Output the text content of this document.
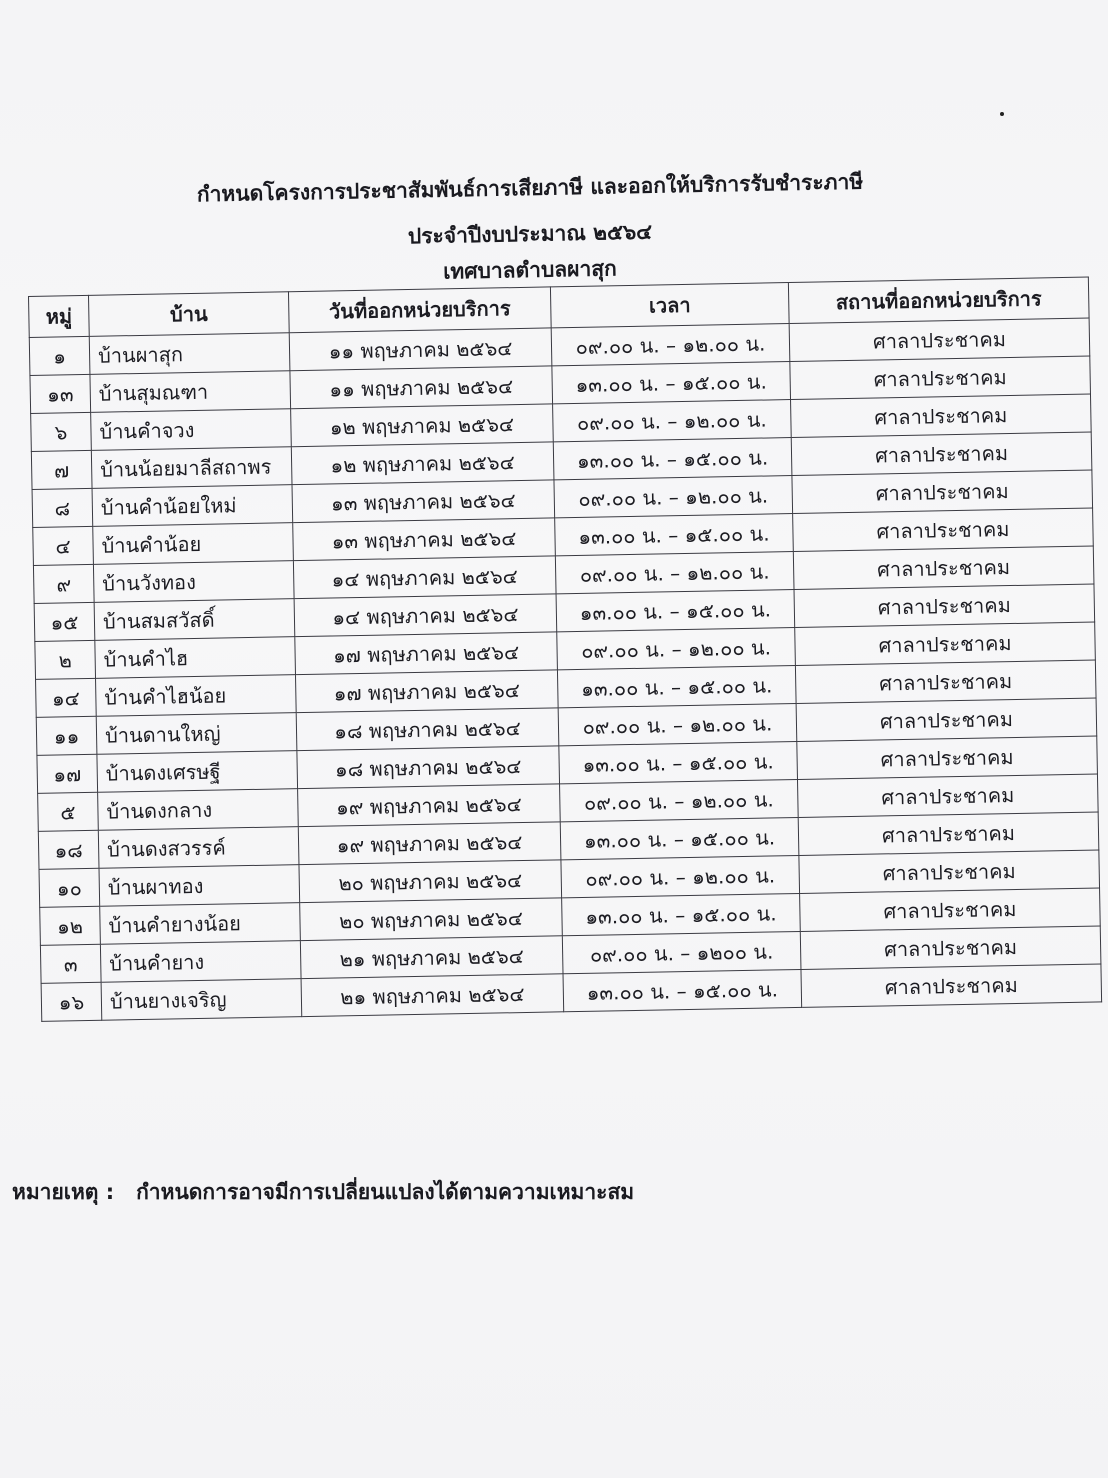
กำหนดโครงการประชาสัมพันธ์การเสียภาษี และออกให้บริการรับชำระภาษี
ประจำปีงบประมาณ ๒๕๖๔
เทศบาลตำบลผาสุก
หมู่	บ้าน	วันที่ออกหน่วยบริการ	เวลา	สถานที่ออกหน่วยบริการ
๑	บ้านผาสุก	๑๑ พฤษภาคม ๒๕๖๔	๐๙.๐๐ น. – ๑๒.๐๐ น.	ศาลาประชาคม
๑๓	บ้านสุมณฑา	๑๑ พฤษภาคม ๒๕๖๔	๑๓.๐๐ น. – ๑๕.๐๐ น.	ศาลาประชาคม
๖	บ้านคำจวง	๑๒ พฤษภาคม ๒๕๖๔	๐๙.๐๐ น. – ๑๒.๐๐ น.	ศาลาประชาคม
๗	บ้านน้อยมาลีสถาพร	๑๒ พฤษภาคม ๒๕๖๔	๑๓.๐๐ น. – ๑๕.๐๐ น.	ศาลาประชาคม
๘	บ้านคำน้อยใหม่	๑๓ พฤษภาคม ๒๕๖๔	๐๙.๐๐ น. – ๑๒.๐๐ น.	ศาลาประชาคม
๔	บ้านคำน้อย	๑๓ พฤษภาคม ๒๕๖๔	๑๓.๐๐ น. – ๑๕.๐๐ น.	ศาลาประชาคม
๙	บ้านวังทอง	๑๔ พฤษภาคม ๒๕๖๔	๐๙.๐๐ น. – ๑๒.๐๐ น.	ศาลาประชาคม
๑๕	บ้านสมสวัสดิ์	๑๔ พฤษภาคม ๒๕๖๔	๑๓.๐๐ น. – ๑๕.๐๐ น.	ศาลาประชาคม
๒	บ้านคำไฮ	๑๗ พฤษภาคม ๒๕๖๔	๐๙.๐๐ น. – ๑๒.๐๐ น.	ศาลาประชาคม
๑๔	บ้านคำไฮน้อย	๑๗ พฤษภาคม ๒๕๖๔	๑๓.๐๐ น. – ๑๕.๐๐ น.	ศาลาประชาคม
๑๑	บ้านดานใหญ่	๑๘ พฤษภาคม ๒๕๖๔	๐๙.๐๐ น. – ๑๒.๐๐ น.	ศาลาประชาคม
๑๗	บ้านดงเศรษฐี	๑๘ พฤษภาคม ๒๕๖๔	๑๓.๐๐ น. – ๑๕.๐๐ น.	ศาลาประชาคม
๕	บ้านดงกลาง	๑๙ พฤษภาคม ๒๕๖๔	๐๙.๐๐ น. – ๑๒.๐๐ น.	ศาลาประชาคม
๑๘	บ้านดงสวรรค์	๑๙ พฤษภาคม ๒๕๖๔	๑๓.๐๐ น. – ๑๕.๐๐ น.	ศาลาประชาคม
๑๐	บ้านผาทอง	๒๐ พฤษภาคม ๒๕๖๔	๐๙.๐๐ น. – ๑๒.๐๐ น.	ศาลาประชาคม
๑๒	บ้านคำยางน้อย	๒๐ พฤษภาคม ๒๕๖๔	๑๓.๐๐ น. – ๑๕.๐๐ น.	ศาลาประชาคม
๓	บ้านคำยาง	๒๑ พฤษภาคม ๒๕๖๔	๐๙.๐๐ น. – ๑๒๐๐ น.	ศาลาประชาคม
๑๖	บ้านยางเจริญ	๒๑ พฤษภาคม ๒๕๖๔	๑๓.๐๐ น. – ๑๕.๐๐ น.	ศาลาประชาคม
หมายเหตุ : กำหนดการอาจมีการเปลี่ยนแปลงได้ตามความเหมาะสม
